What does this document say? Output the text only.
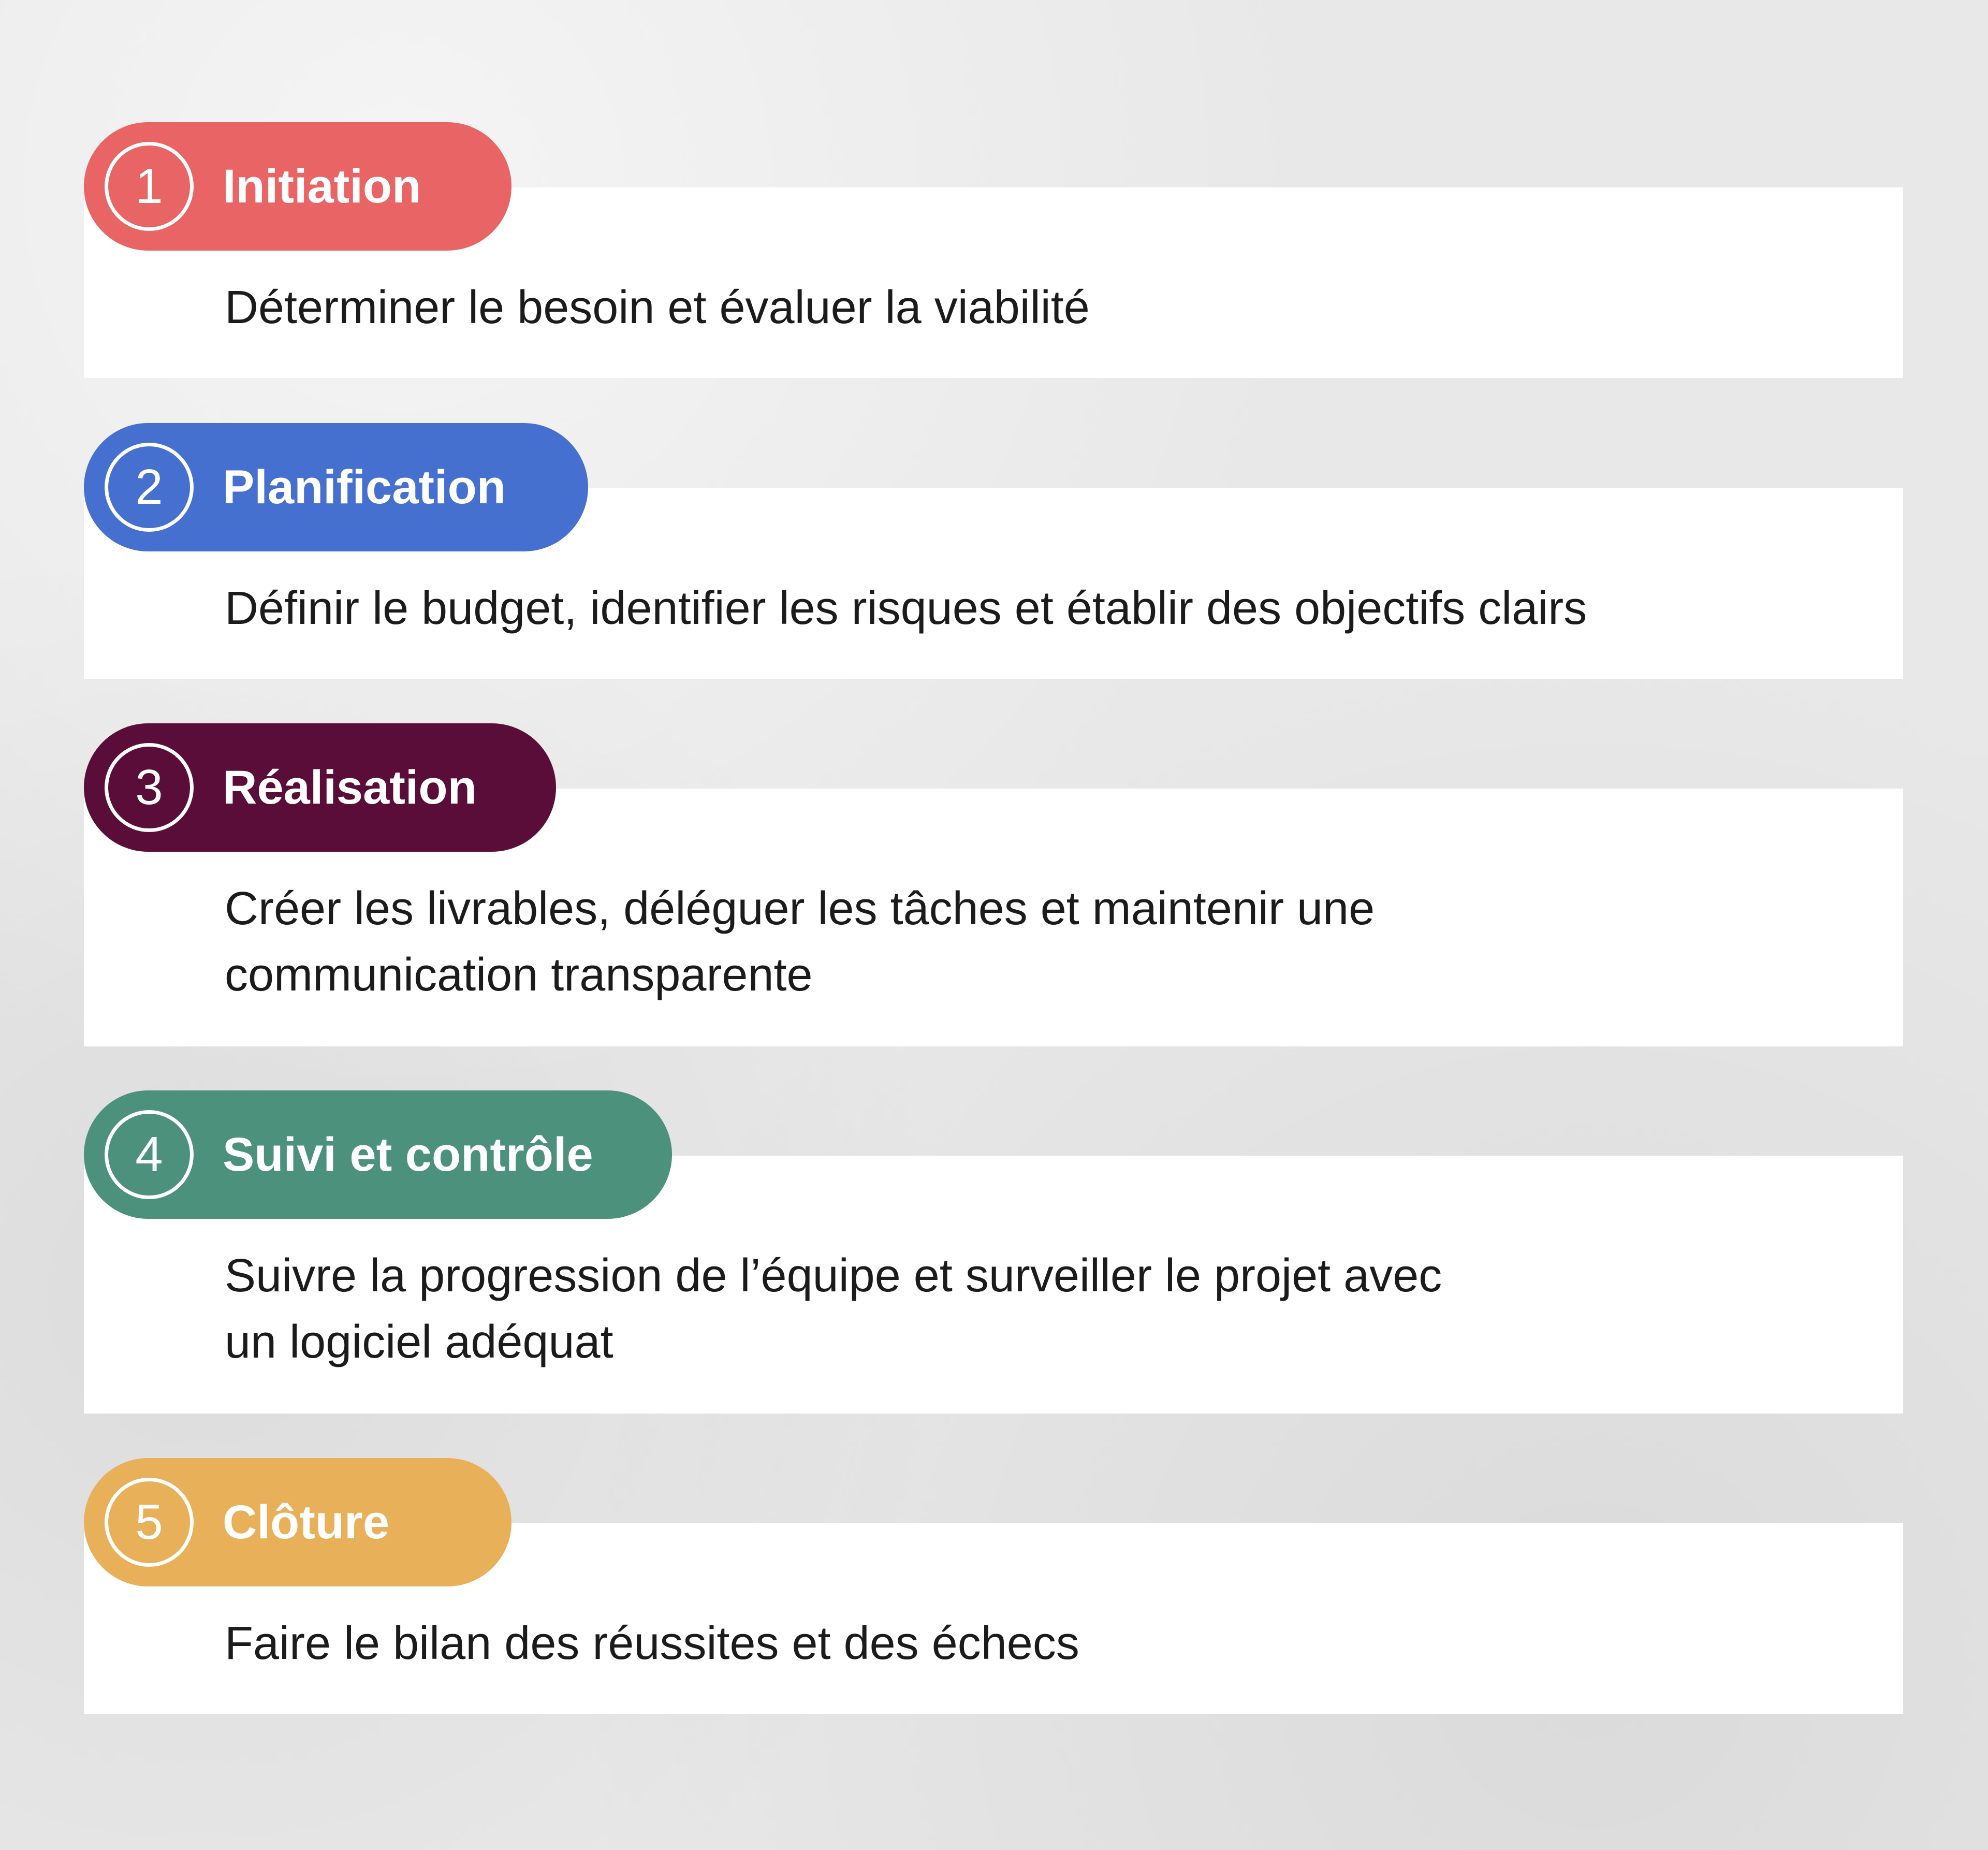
1	Initiation
Déterminer le besoin et évaluer la viabilité
2	Planification
Définir le budget, identifier les risques et établir des objectifs clairs
3	Réalisation
Créer les livrables, déléguer les tâches et maintenir une communication transparente
4	Suivi et contrôle
Suivre la progression de l’équipe et surveiller le projet avec un logiciel adéquat
5	Clôture
Faire le bilan des réussites et des échecs
